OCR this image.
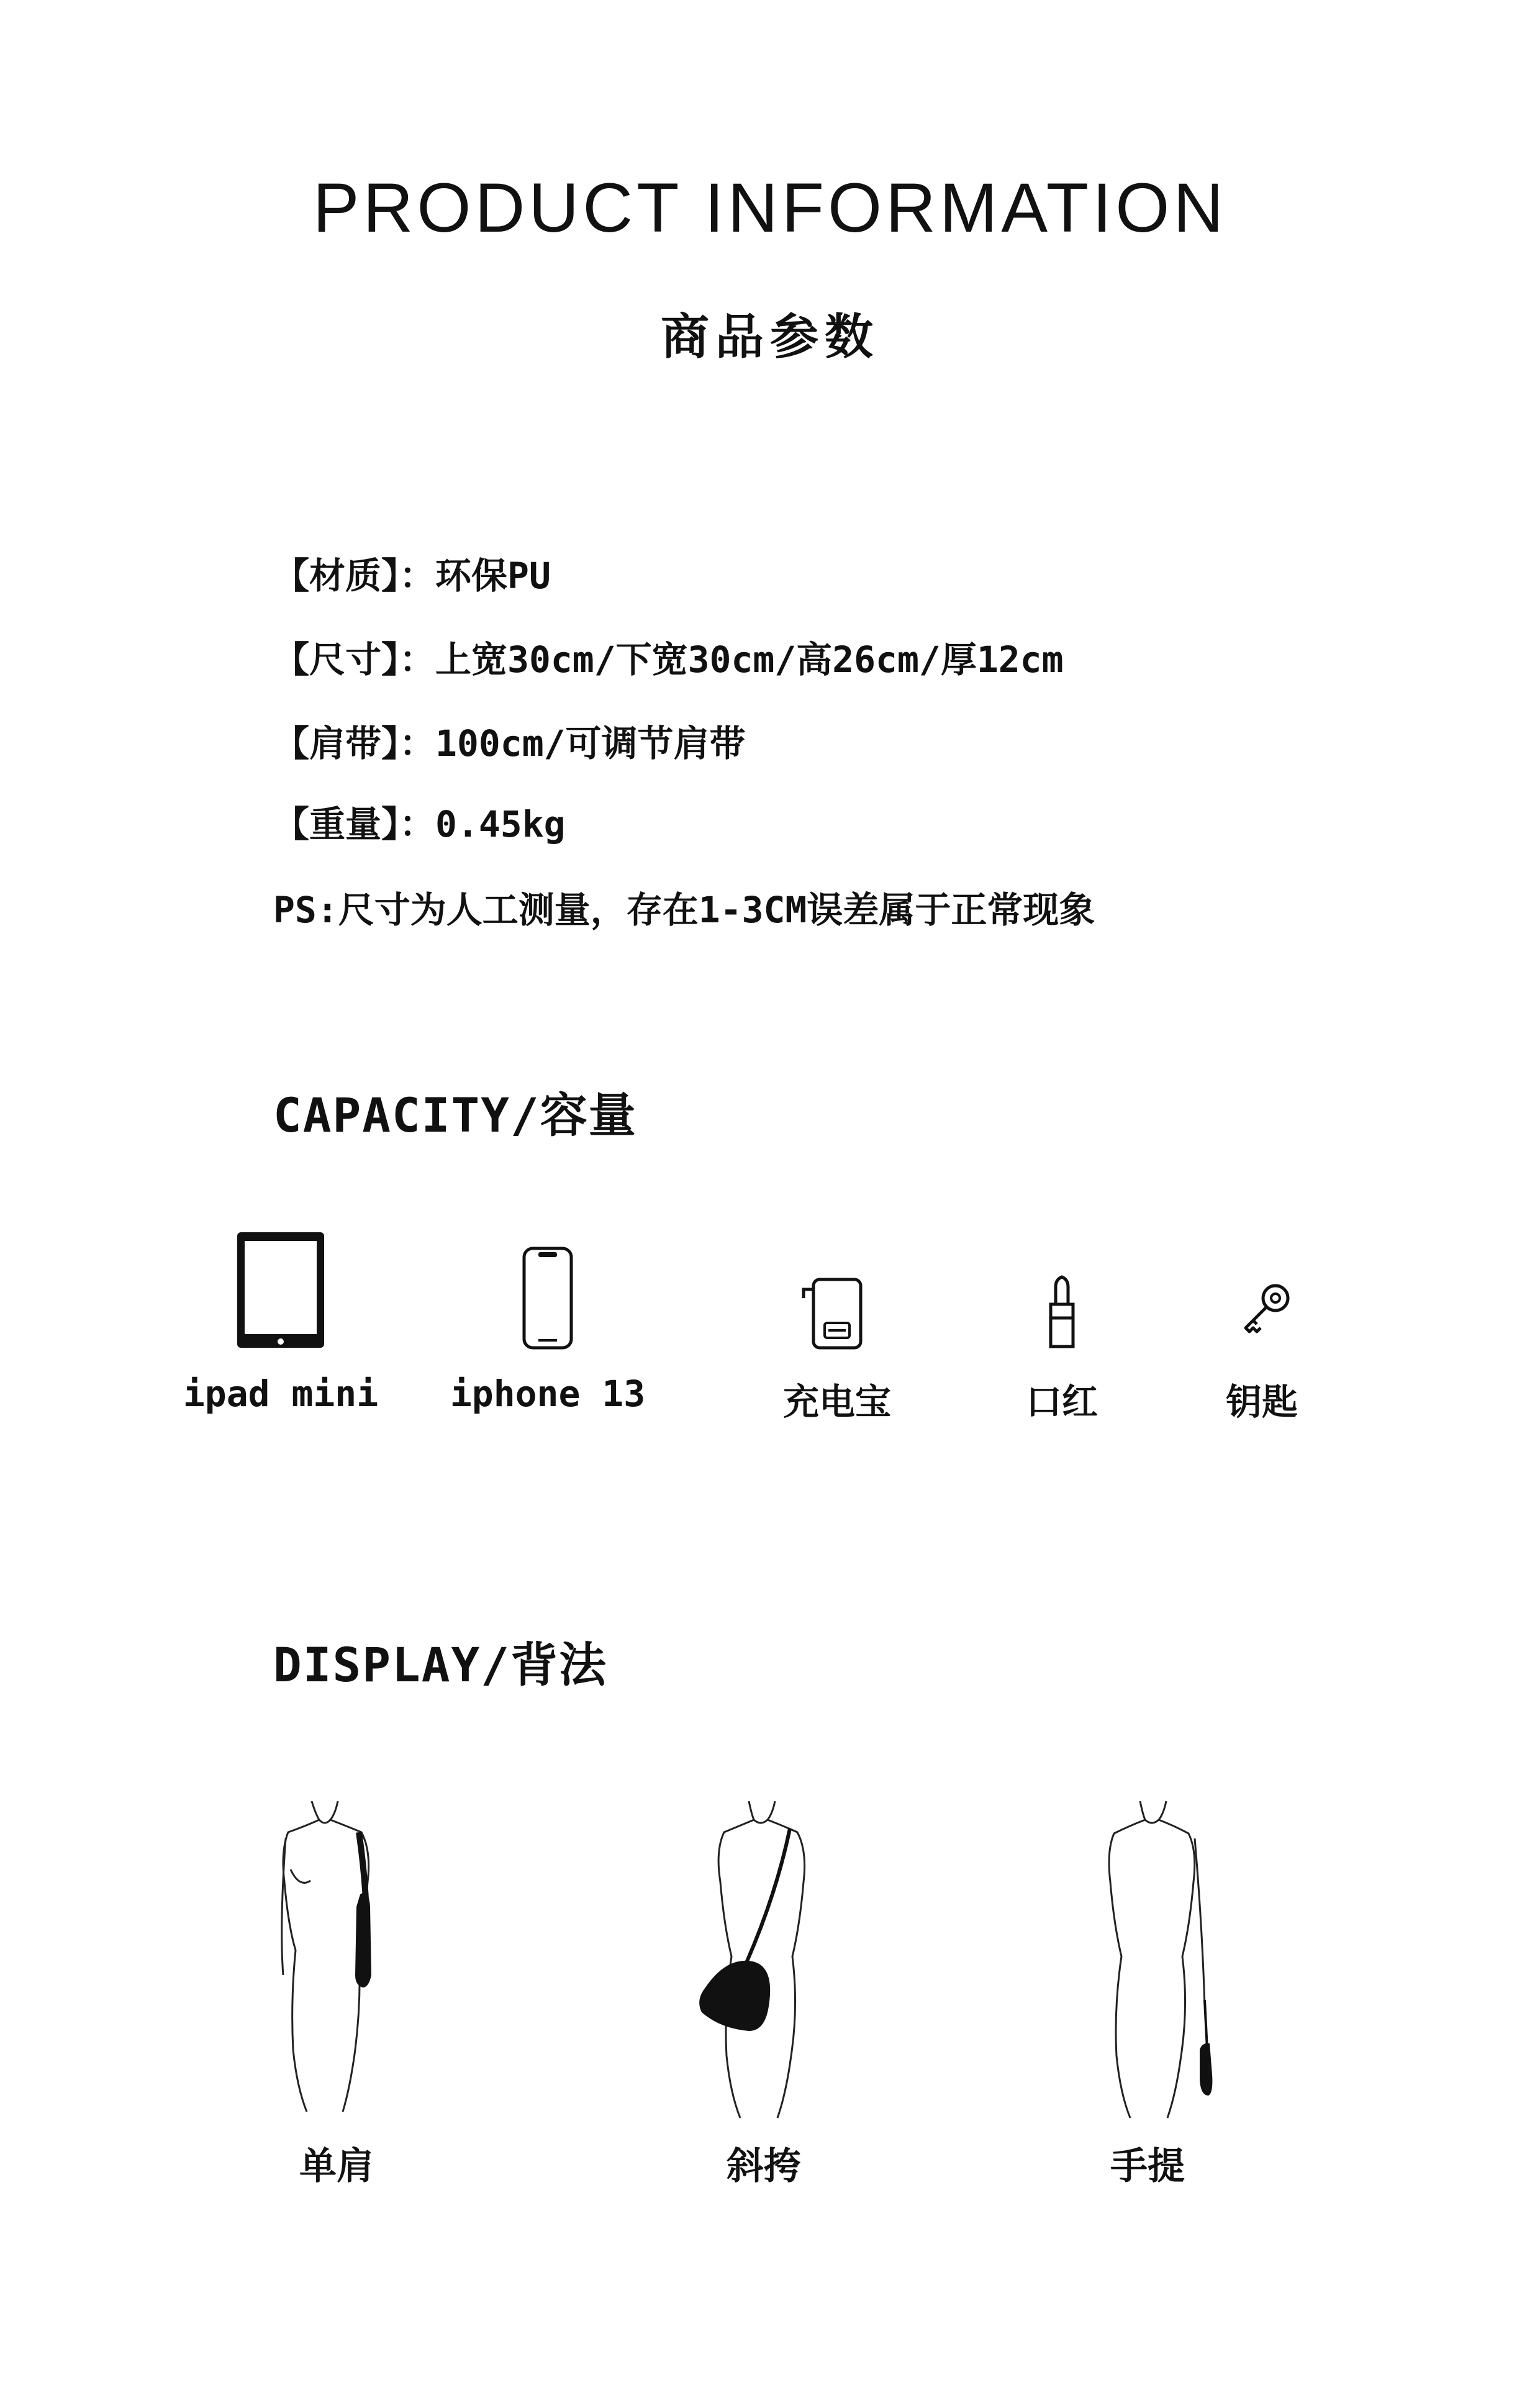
PRODUCT INFORMATION
商品参数
【材质】：环保PU
【尺寸】：上宽30cm/下宽30cm/高26cm/厚12cm
【肩带】：100cm/可调节肩带
【重量】：0.45kg
PS:尺寸为人工测量，存在1-3CM误差属于正常现象
CAPACITY/容量
ipad mini	iphone 13	充电宝	口红	钥匙
DISPLAY/背法
单肩	斜挎	手提
